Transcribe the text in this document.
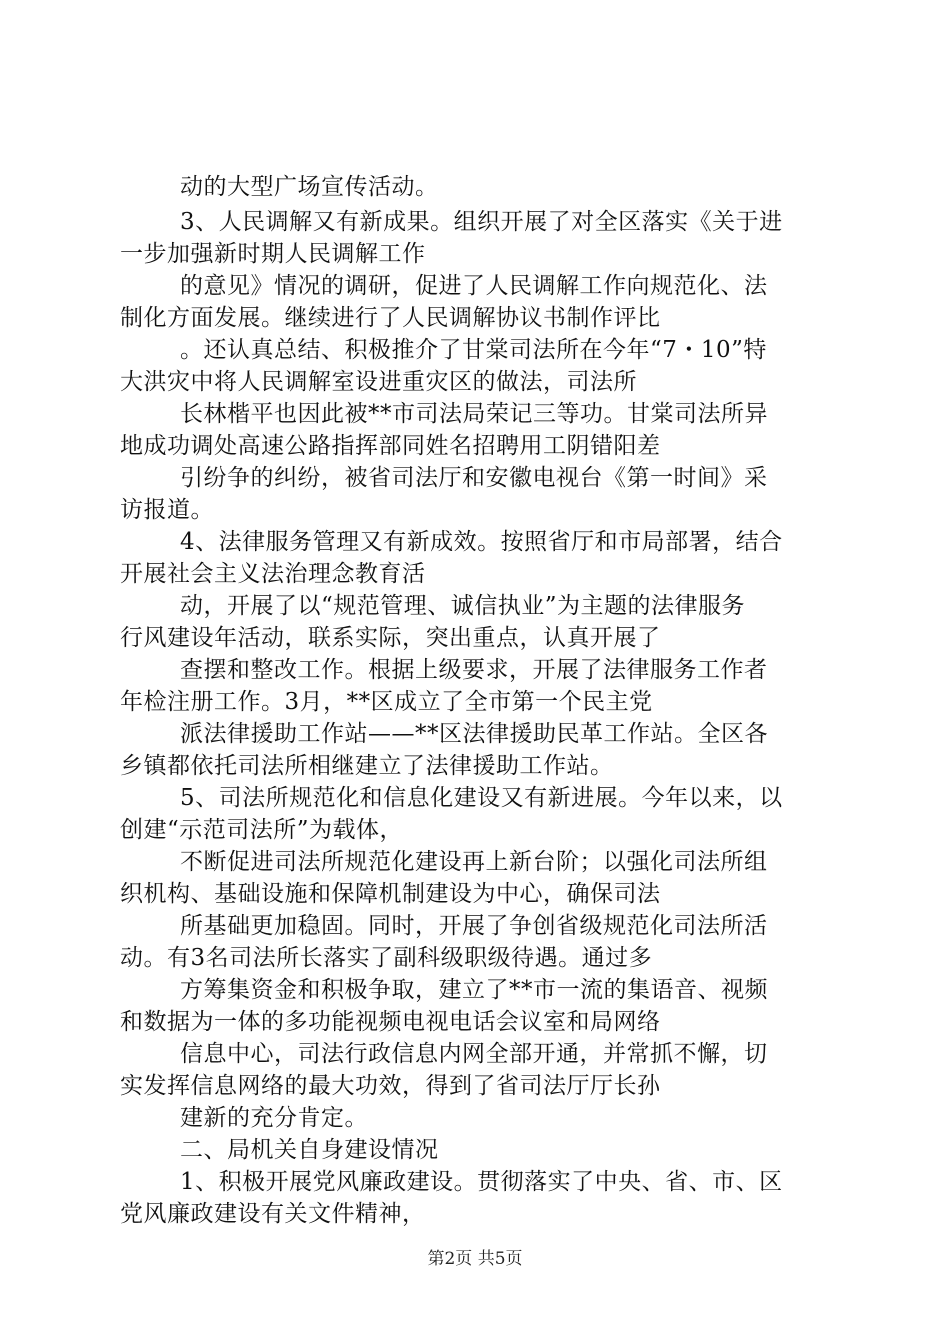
动的大型广场宣传活动。
3、人民调解又有新成果。组织开展了对全区落实《关于进
一步加强新时期人民调解工作
的意见》情况的调研，促进了人民调解工作向规范化、法
制化方面发展。继续进行了人民调解协议书制作评比
。还认真总结、积极推介了甘棠司法所在今年“7・10”特
大洪灾中将人民调解室设进重灾区的做法，司法所
长林楷平也因此被**市司法局荣记三等功。甘棠司法所异
地成功调处高速公路指挥部同姓名招聘用工阴错阳差
引纷争的纠纷，被省司法厅和安徽电视台《第一时间》采
访报道。
4、法律服务管理又有新成效。按照省厅和市局部署，结合
开展社会主义法治理念教育活
动，开展了以“规范管理、诚信执业”为主题的法律服务
行风建设年活动，联系实际，突出重点，认真开展了
查摆和整改工作。根据上级要求，开展了法律服务工作者
年检注册工作。3月，**区成立了全市第一个民主党
派法律援助工作站——**区法律援助民革工作站。全区各
乡镇都依托司法所相继建立了法律援助工作站。
5、司法所规范化和信息化建设又有新进展。今年以来，以
创建“示范司法所”为载体，
不断促进司法所规范化建设再上新台阶；以强化司法所组
织机构、基础设施和保障机制建设为中心，确保司法
所基础更加稳固。同时，开展了争创省级规范化司法所活
动。有3名司法所长落实了副科级职级待遇。通过多
方筹集资金和积极争取，建立了**市一流的集语音、视频
和数据为一体的多功能视频电视电话会议室和局网络
信息中心，司法行政信息内网全部开通，并常抓不懈，切
实发挥信息网络的最大功效，得到了省司法厅厅长孙
建新的充分肯定。
二、局机关自身建设情况
1、积极开展党风廉政建设。贯彻落实了中央、省、市、区
党风廉政建设有关文件精神，
第2页 共5页
